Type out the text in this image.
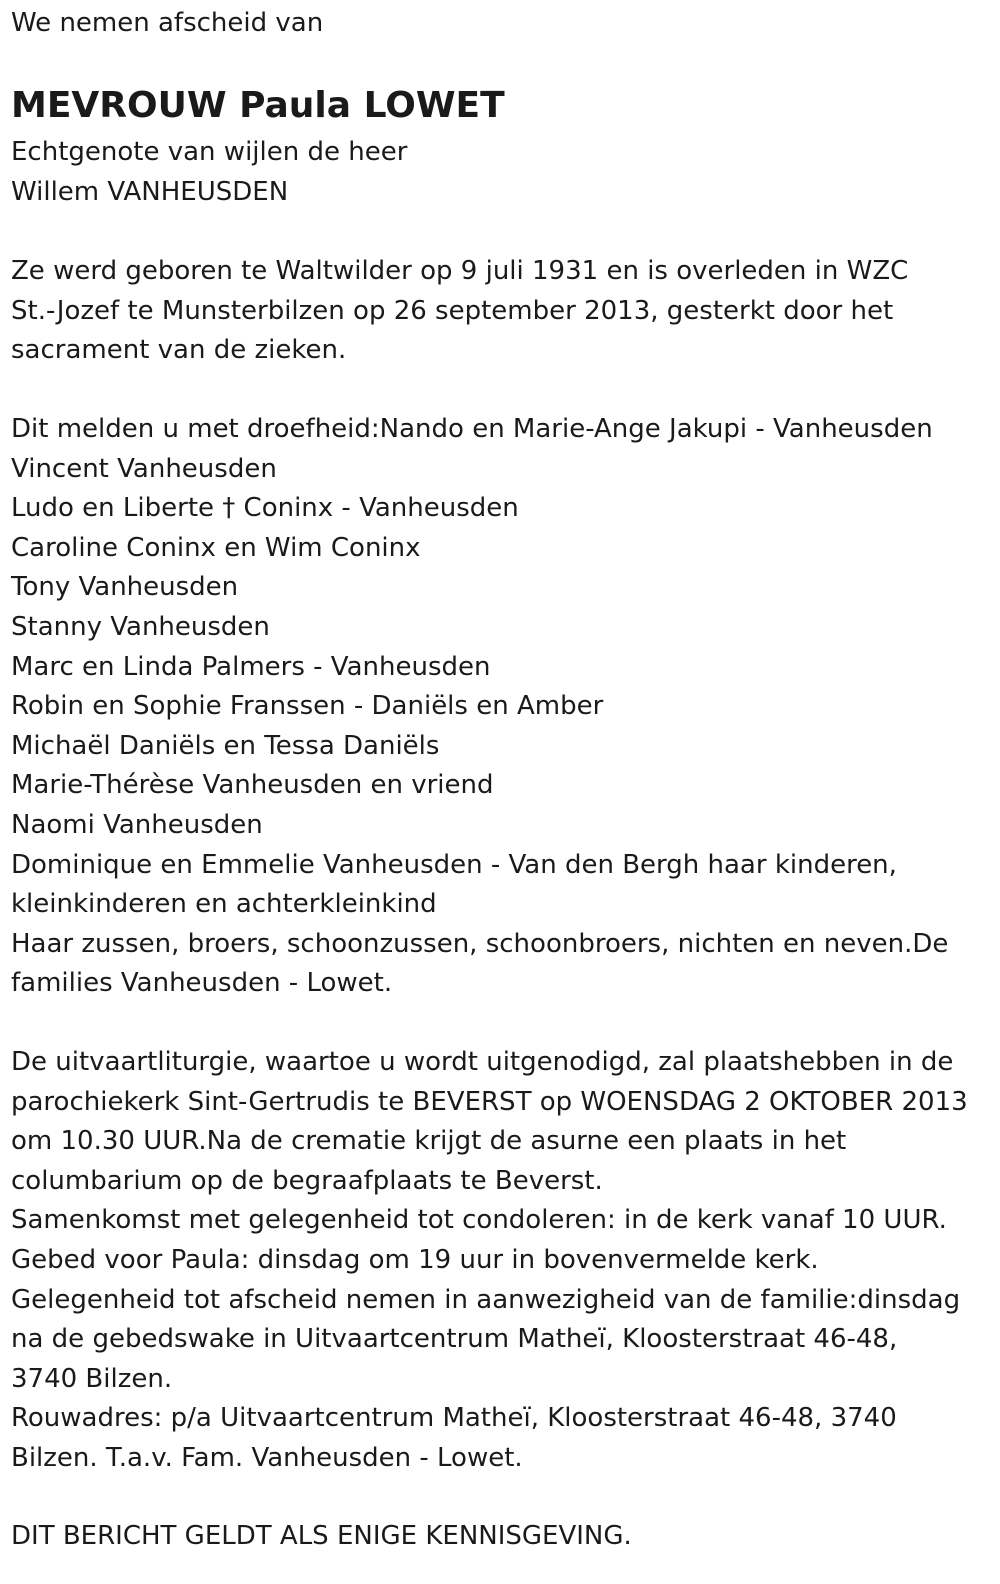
We nemen afscheid van

MEVROUW Paula LOWET

Echtgenote van wijlen de heer

Willem VANHEUSDEN

Ze werd geboren te Waltwilder op 9 juli 1931 en is overleden in WZC

St.-Jozef te Munsterbilzen op 26 september 2013, gesterkt door het

sacrament van de zieken.

Dit melden u met droefheid:Nando en Marie-Ange Jakupi - Vanheusden

Vincent Vanheusden

Ludo en Liberte † Coninx - Vanheusden

Caroline Coninx en Wim Coninx

Tony Vanheusden

Stanny Vanheusden

Marc en Linda Palmers - Vanheusden

Robin en Sophie Franssen - Daniëls en Amber

Michaël Daniëls en Tessa Daniëls

Marie-Thérèse Vanheusden en vriend

Naomi Vanheusden

Dominique en Emmelie Vanheusden - Van den Bergh haar kinderen,

kleinkinderen en achterkleinkind

Haar zussen, broers, schoonzussen, schoonbroers, nichten en neven.De

families Vanheusden - Lowet.

De uitvaartliturgie, waartoe u wordt uitgenodigd, zal plaatshebben in de

parochiekerk Sint-Gertrudis te BEVERST op WOENSDAG 2 OKTOBER 2013

om 10.30 UUR.Na de crematie krijgt de asurne een plaats in het

columbarium op de begraafplaats te Beverst.

Samenkomst met gelegenheid tot condoleren: in de kerk vanaf 10 UUR.

Gebed voor Paula: dinsdag om 19 uur in bovenvermelde kerk.

Gelegenheid tot afscheid nemen in aanwezigheid van de familie:dinsdag

na de gebedswake in Uitvaartcentrum Matheï, Kloosterstraat 46-48,

3740 Bilzen.

Rouwadres: p/a Uitvaartcentrum Matheï, Kloosterstraat 46-48, 3740

Bilzen. T.a.v. Fam. Vanheusden - Lowet.

DIT BERICHT GELDT ALS ENIGE KENNISGEVING.
